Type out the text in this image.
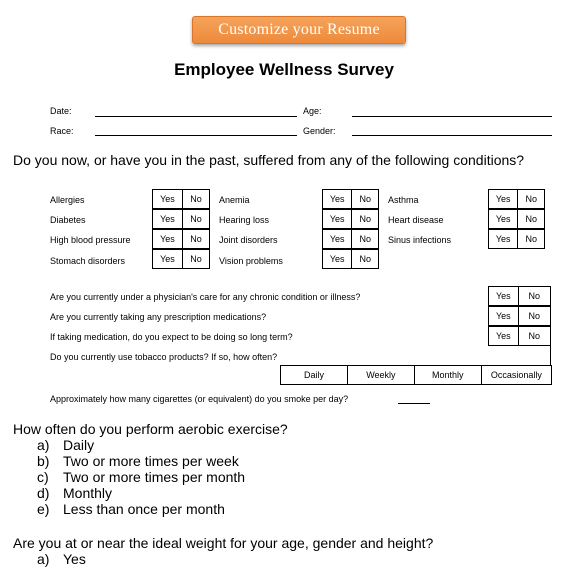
Customize your Resume
Employee Wellness Survey
Date:	Age:
Race:	Gender:
Do you now, or have you in the past, suffered from any of the following conditions?
Allergies	Yes	No	Anemia	Yes	No	Asthma	Yes	No
Diabetes	Yes	No	Hearing loss	Yes	No	Heart disease	Yes	No
High blood pressure	Yes	No	Joint disorders	Yes	No	Sinus infections	Yes	No
Stomach disorders	Yes	No	Vision problems	Yes	No
Are you currently under a physician's care for any chronic condition or illness?	Yes	No
Are you currently taking any prescription medications?	Yes	No
If taking medication, do you expect to be doing so long term?	Yes	No
Do you currently use tobacco products? If so, how often?
Daily	Weekly	Monthly	Occasionally
Approximately how many cigarettes (or equivalent) do you smoke per day?
How often do you perform aerobic exercise?
a) Daily
b) Two or more times per week
c)	Two or more times per month
d) Monthly
e) Less than once per month
Are you at or near the ideal weight for your age, gender and height?
a) Yes
